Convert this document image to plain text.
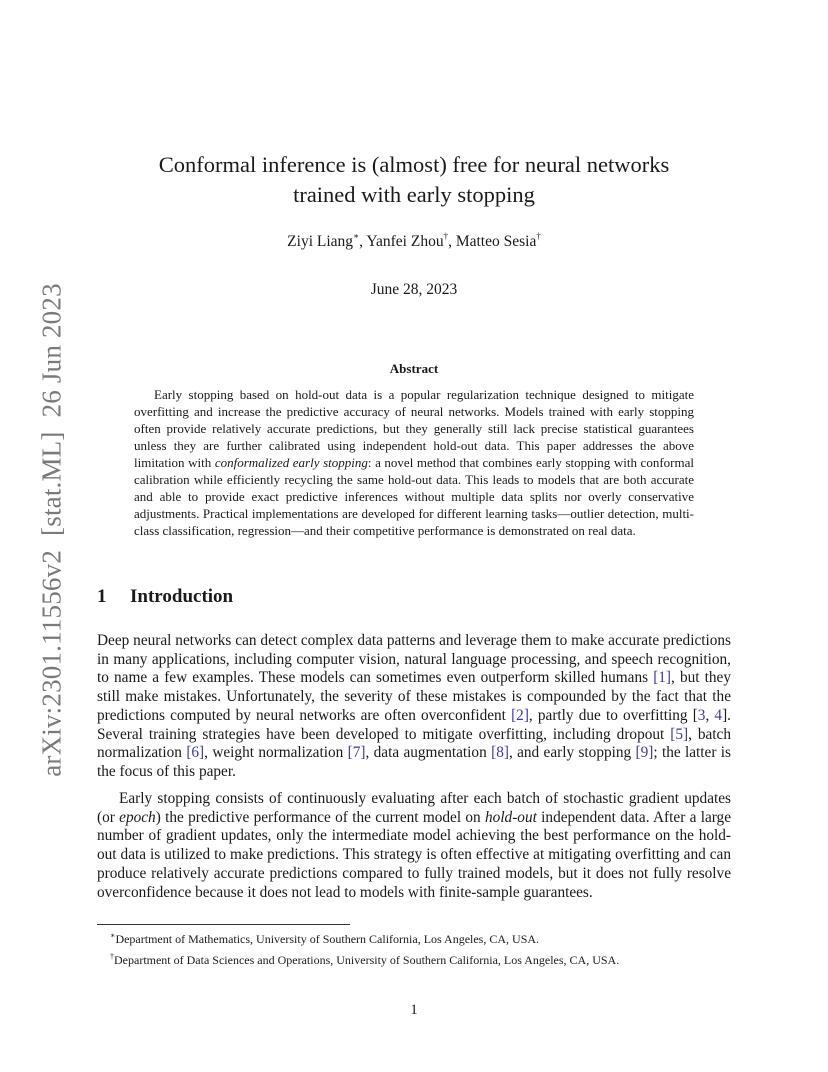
arXiv:2301.11556v2[stat.ML]26 Jun 2023
Conformal inference is (almost) free for neural networks
trained with early stopping
Ziyi Liang∗, Yanfei Zhou†, Matteo Sesia†
June 28, 2023
Abstract
Early stopping based on hold-out data is a popular regularization technique designed to mitigate overfitting and increase the predictive accuracy of neural networks. Models trained with early stopping often provide relatively accurate predictions, but they generally still lack precise statistical guarantees unless they are further calibrated using independent hold-out data. This paper addresses the above limitation with conformalized early stopping: a novel method that combines early stopping with conformal calibration while efficiently recycling the same hold-out data. This leads to models that are both accurate and able to provide exact predictive inferences without multiple data splits nor overly conservative adjustments. Practical implementations are developed for different learning tasks—outlier detection, multi-class classification, regression—and their competitive performance is demonstrated on real data.
1 Introduction
Deep neural networks can detect complex data patterns and leverage them to make accurate predictions in many applications, including computer vision, natural language processing, and speech recognition, to name a few examples. These models can sometimes even outperform skilled humans [1], but they still make mistakes. Unfortunately, the severity of these mistakes is compounded by the fact that the predictions computed by neural networks are often overconfident [2], partly due to overfitting [3, 4]. Several training strategies have been developed to mitigate overfitting, including dropout [5], batch normalization [6], weight normalization [7], data augmentation [8], and early stopping [9]; the latter is the focus of this paper.
Early stopping consists of continuously evaluating after each batch of stochastic gradient updates (or epoch) the predictive performance of the current model on hold-out independent data. After a large number of gradient updates, only the intermediate model achieving the best performance on the hold-out data is utilized to make predictions. This strategy is often effective at mitigating overfitting and can produce relatively accurate predictions compared to fully trained models, but it does not fully resolve overconfidence because it does not lead to models with finite-sample guarantees.
∗Department of Mathematics, University of Southern California, Los Angeles, CA, USA.
†Department of Data Sciences and Operations, University of Southern California, Los Angeles, CA, USA.
1
